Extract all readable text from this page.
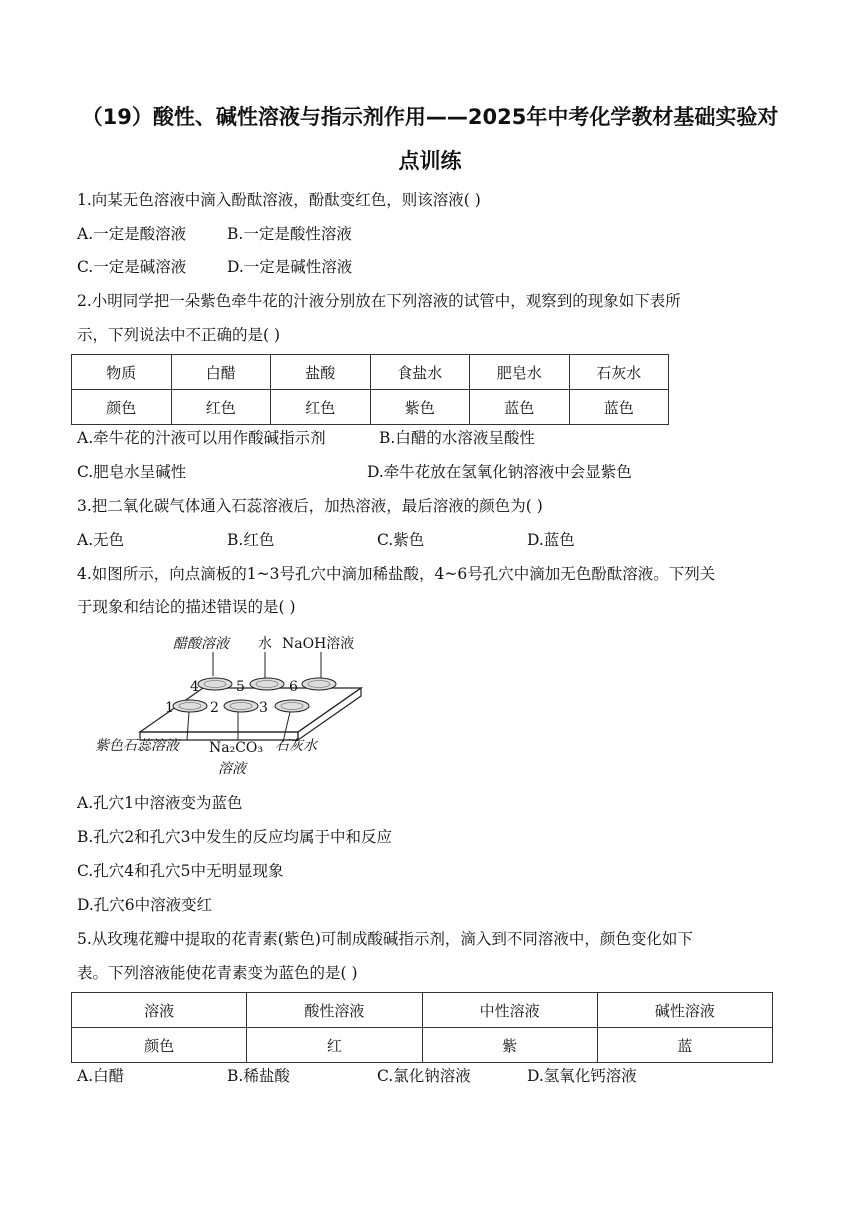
（19）酸性、碱性溶液与指示剂作用——2025年中考化学教材基础实验对
点训练
1.向某无色溶液中滴入酚酞溶液，酚酞变红色，则该溶液( )
A.一定是酸溶液	B.一定是酸性溶液
C.一定是碱溶液	D.一定是碱性溶液
2.小明同学把一朵紫色牵牛花的汁液分别放在下列溶液的试管中，观察到的现象如下表所
示，下列说法中不正确的是( )
物质	白醋	盐酸	食盐水	肥皂水	石灰水
颜色	红色	红色	紫色	蓝色	蓝色
A.牵牛花的汁液可以用作酸碱指示剂	B.白醋的水溶液呈酸性
C.肥皂水呈碱性	D.牵牛花放在氢氧化钠溶液中会显紫色
3.把二氧化碳气体通入石蕊溶液后，加热溶液，最后溶液的颜色为( )
A.无色	B.红色	C.紫色	D.蓝色
4.如图所示，向点滴板的1~3号孔穴中滴加稀盐酸，4~6号孔穴中滴加无色酚酞溶液。下列关
于现象和结论的描述错误的是( )
4	5	6
1	2	3
醋酸溶液 水 NaOH溶液
紫色石蕊溶液 Na₂CO₃
溶液
石灰水
A.孔穴1中溶液变为蓝色
B.孔穴2和孔穴3中发生的反应均属于中和反应
C.孔穴4和孔穴5中无明显现象
D.孔穴6中溶液变红
5.从玫瑰花瓣中提取的花青素(紫色)可制成酸碱指示剂，滴入到不同溶液中，颜色变化如下
表。下列溶液能使花青素变为蓝色的是( )
溶液	酸性溶液	中性溶液	碱性溶液
颜色	红	紫	蓝
A.白醋	B.稀盐酸	C.氯化钠溶液	D.氢氧化钙溶液
